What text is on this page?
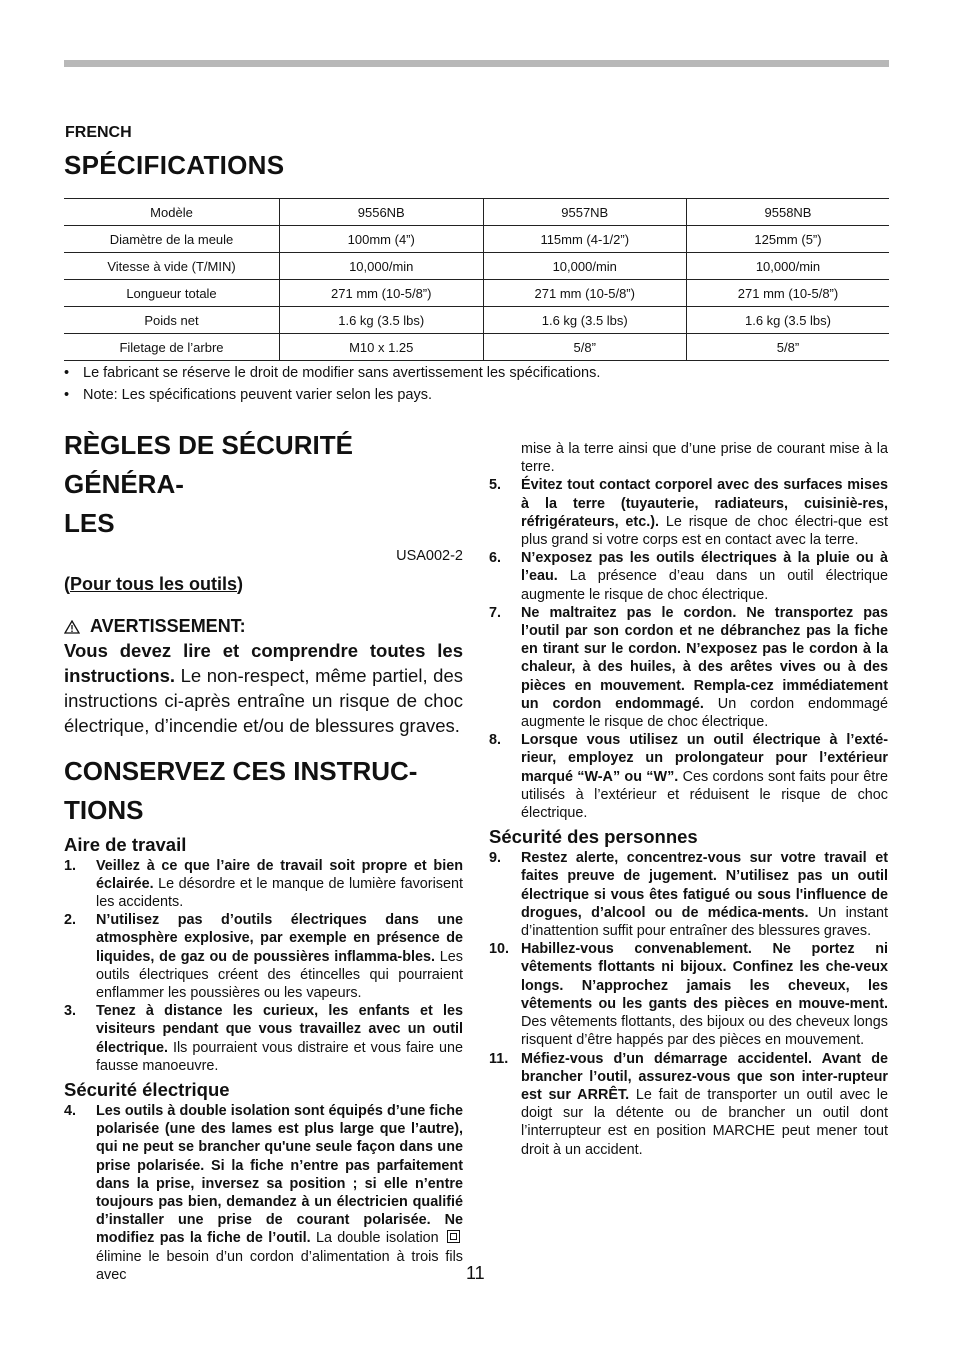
FRENCH
SPÉCIFICATIONS
Modèle	9556NB	9557NB	9558NB
Diamètre de la meule	100mm (4”)	115mm (4-1/2”)	125mm (5”)
Vitesse à vide (T/MIN)	10,000/min	10,000/min	10,000/min
Longueur totale	271 mm (10-5/8”)	271 mm (10-5/8”)	271 mm (10-5/8”)
Poids net	1.6 kg (3.5 lbs)	1.6 kg (3.5 lbs)	1.6 kg (3.5 lbs)
Filetage de l’arbre	M10 x 1.25	5/8”	5/8”
• Le fabricant se réserve le droit de modifier sans avertissement les spécifications.
• Note: Les spécifications peuvent varier selon les pays.
RÈGLES DE SÉCURITÉ GÉNÉRA-
LES
USA002-2
(Pour tous les outils)
AVERTISSEMENT:
Vous devez lire et comprendre toutes les instructions. Le non-respect, même partiel, des instructions ci-après entraîne un risque de choc électrique, d’incendie et/ou de blessures graves.
CONSERVEZ CES INSTRUC-
TIONS
Aire de travail
1. Veillez à ce que l’aire de travail soit propre et bien éclairée. Le désordre et le manque de lumière favorisent les accidents.
2. N’utilisez pas d’outils électriques dans une atmosphère explosive, par exemple en présence de liquides, de gaz ou de poussières inflamma-bles. Les outils électriques créent des étincelles qui pourraient enflammer les poussières ou les vapeurs.
3. Tenez à distance les curieux, les enfants et les visiteurs pendant que vous travaillez avec un outil électrique. Ils pourraient vous distraire et vous faire une fausse manoeuvre.
Sécurité électrique
4. Les outils à double isolation sont équipés d’une fiche polarisée (une des lames est plus large que l’autre), qui ne peut se brancher qu'une seule façon dans une prise polarisée. Si la fiche n’entre pas parfaitement dans la prise, inversez sa position ; si elle n’entre toujours pas bien, demandez à un électricien qualifié d’installer une prise de courant polarisée. Ne modifiez pas la fiche de l’outil. La double isolation  élimine le besoin d’un cordon d’alimentation à trois fils avec
mise à la terre ainsi que d’une prise de courant mise à la terre.
5. Évitez tout contact corporel avec des surfaces mises à la terre (tuyauterie, radiateurs, cuisiniè-res, réfrigérateurs, etc.). Le risque de choc électri-que est plus grand si votre corps est en contact avec la terre.
6. N’exposez pas les outils électriques à la pluie ou à l’eau. La présence d’eau dans un outil électrique augmente le risque de choc électrique.
7. Ne maltraitez pas le cordon. Ne transportez pas l’outil par son cordon et ne débranchez pas la fiche en tirant sur le cordon. N’exposez pas le cordon à la chaleur, à des huiles, à des arêtes vives ou à des pièces en mouvement. Rempla-cez immédiatement un cordon endommagé. Un cordon endommagé augmente le risque de choc électrique.
8. Lorsque vous utilisez un outil électrique à l’exté-rieur, employez un prolongateur pour l’extérieur marqué “W-A” ou “W”. Ces cordons sont faits pour être utilisés à l’extérieur et réduisent le risque de choc électrique.
Sécurité des personnes
9. Restez alerte, concentrez-vous sur votre travail et faites preuve de jugement. N’utilisez pas un outil électrique si vous êtes fatigué ou sous l'influence de drogues, d’alcool ou de médica-ments. Un instant d’inattention suffit pour entraîner des blessures graves.
10. Habillez-vous convenablement. Ne portez ni vêtements flottants ni bijoux. Confinez les che-veux longs. N’approchez jamais les cheveux, les vêtements ou les gants des pièces en mouve-ment. Des vêtements flottants, des bijoux ou des cheveux longs risquent d’être happés par des pièces en mouvement.
11. Méfiez-vous d’un démarrage accidentel. Avant de brancher l’outil, assurez-vous que son inter-rupteur est sur ARRÊT. Le fait de transporter un outil avec le doigt sur la détente ou de brancher un outil dont l’interrupteur est en position MARCHE peut mener tout droit à un accident.
11
